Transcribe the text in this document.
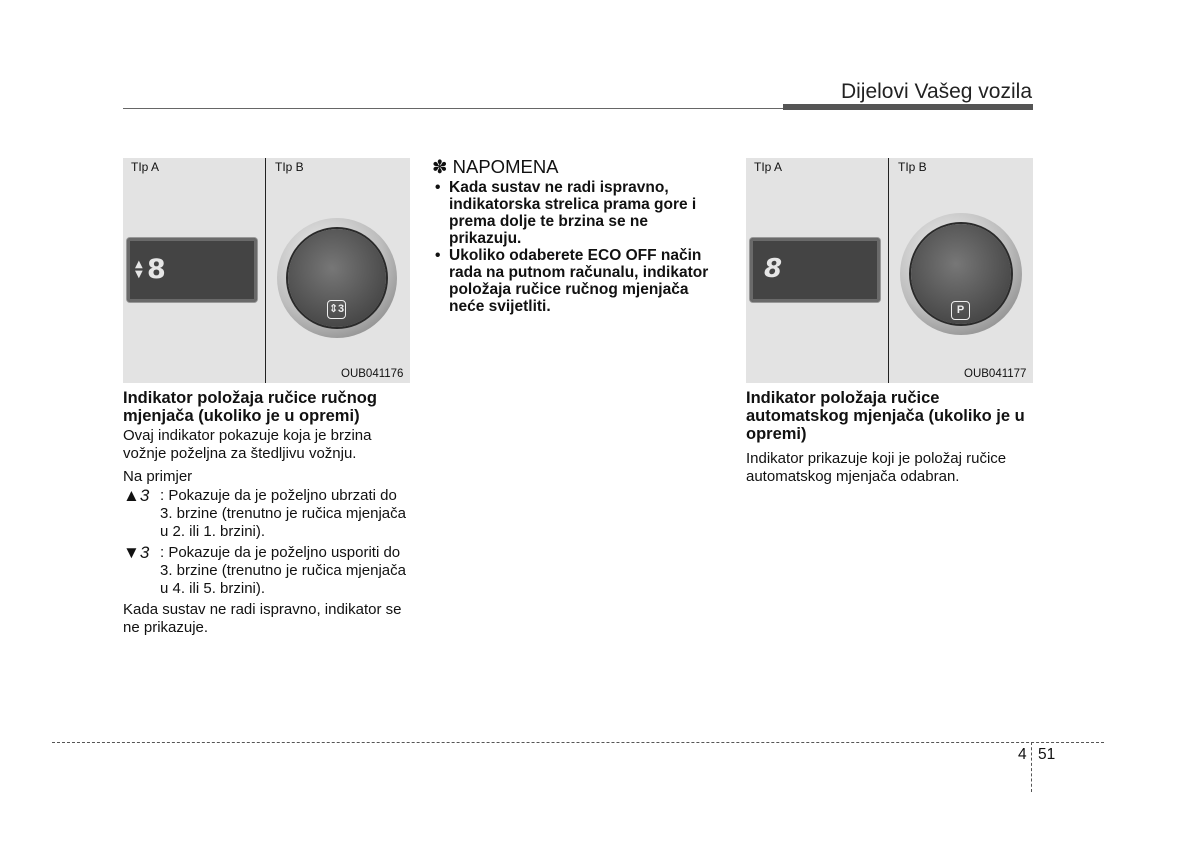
Dijelovi Vašeg vozila
TIp A	TIp B
▲
▼ 8
⇕3
OUB041176
Indikator položaja ručice ručnog mjenjača (ukoliko je u opremi)
Ovaj indikator pokazuje koja je brzina vožnje poželjna za štedljivu vožnju.
Na primjer
▲3 : Pokazuje da je poželjno ubrzati do 3. brzine (trenutno je ručica mjenjača u 2. ili 1. brzini).
▼3 : Pokazuje da je poželjno usporiti do 3. brzine (trenutno je ručica mjenjača u 4. ili 5. brzini).
Kada sustav ne radi ispravno, indikator se ne prikazuje.
✽ NAPOMENA
• Kada sustav ne radi ispravno, indikatorska strelica prama gore i prema dolje te brzina se ne prikazuju.
• Ukoliko odaberete ECO OFF način rada na putnom računalu, indikator položaja ručice ručnog mjenjača neće svijetliti.
TIp A	TIp B
8
P
OUB041177
Indikator položaja ručice automatskog mjenjača (ukoliko je u opremi)
Indikator prikazuje koji je položaj ručice automatskog mjenjača odabran.
4 51
